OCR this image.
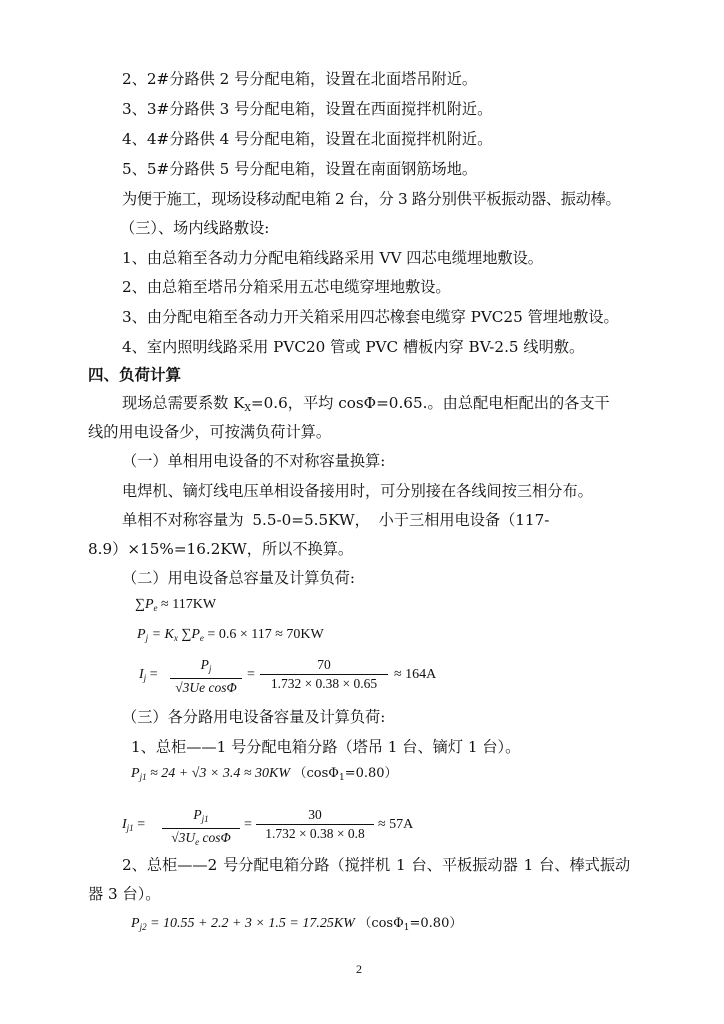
2、2#分路供 2 号分配电箱，设置在北面塔吊附近。
3、3#分路供 3 号分配电箱，设置在西面搅拌机附近。
4、4#分路供 4 号分配电箱，设置在北面搅拌机附近。
5、5#分路供 5 号分配电箱，设置在南面钢筋场地。
为便于施工，现场设移动配电箱 2 台，分 3 路分别供平板振动器、振动棒。
（三）、场内线路敷设:
1、由总箱至各动力分配电箱线路采用 VV 四芯电缆埋地敷设。
2、由总箱至塔吊分箱采用五芯电缆穿埋地敷设。
3、由分配电箱至各动力开关箱采用四芯橡套电缆穿 PVC25 管埋地敷设。
4、室内照明线路采用 PVC20 管或 PVC 槽板内穿 BV-2.5 线明敷。
四、负荷计算
现场总需要系数 $K_X=0.6$，平均 cosΦ=0.65.。由总配电柜配出的各支干
线的用电设备少，可按满负荷计算。
（一）单相用电设备的不对称容量换算:
电焊机、镝灯线电压单相设备接用时，可分别接在各线间按三相分布。
单相不对称容量为 5.5-0=5.5KW， 小于三相用电设备（117-
8.9）×15%=16.2KW，所以不换算。
（二）用电设备总容量及计算负荷:
$\sum P_e \approx 117KW$
$P_j = K_x$ $\sum P_e = 0.6 \times 117 \approx 70KW$
$I_j$ =
$P_j$
√3Ue cosΦ
=
70
1.732 × 0.38 × 0.65
≈ 164A
（三）各分路用电设备容量及计算负荷:
1、总柜——1 号分配电箱分路（塔吊 1 台、镝灯 1 台）。
$P_{j1} \approx 24 + √3 \times 3.4 \approx 30KW$ （cosΦ$_1$=0.80）
$I_{j1}$ =
$P_{j1}$
$√3U_e$ cosΦ
=
30
1.732 × 0.38 × 0.8
≈ 57A
2、总柜——2 号分配电箱分路（搅拌机 1 台、平板振动器 1 台、棒式振动
器 3 台）。
$P_{j2} = 10.55 + 2.2 + 3 \times 1.5 = 17.25KW$ （cosΦ$_1$=0.80）
2
